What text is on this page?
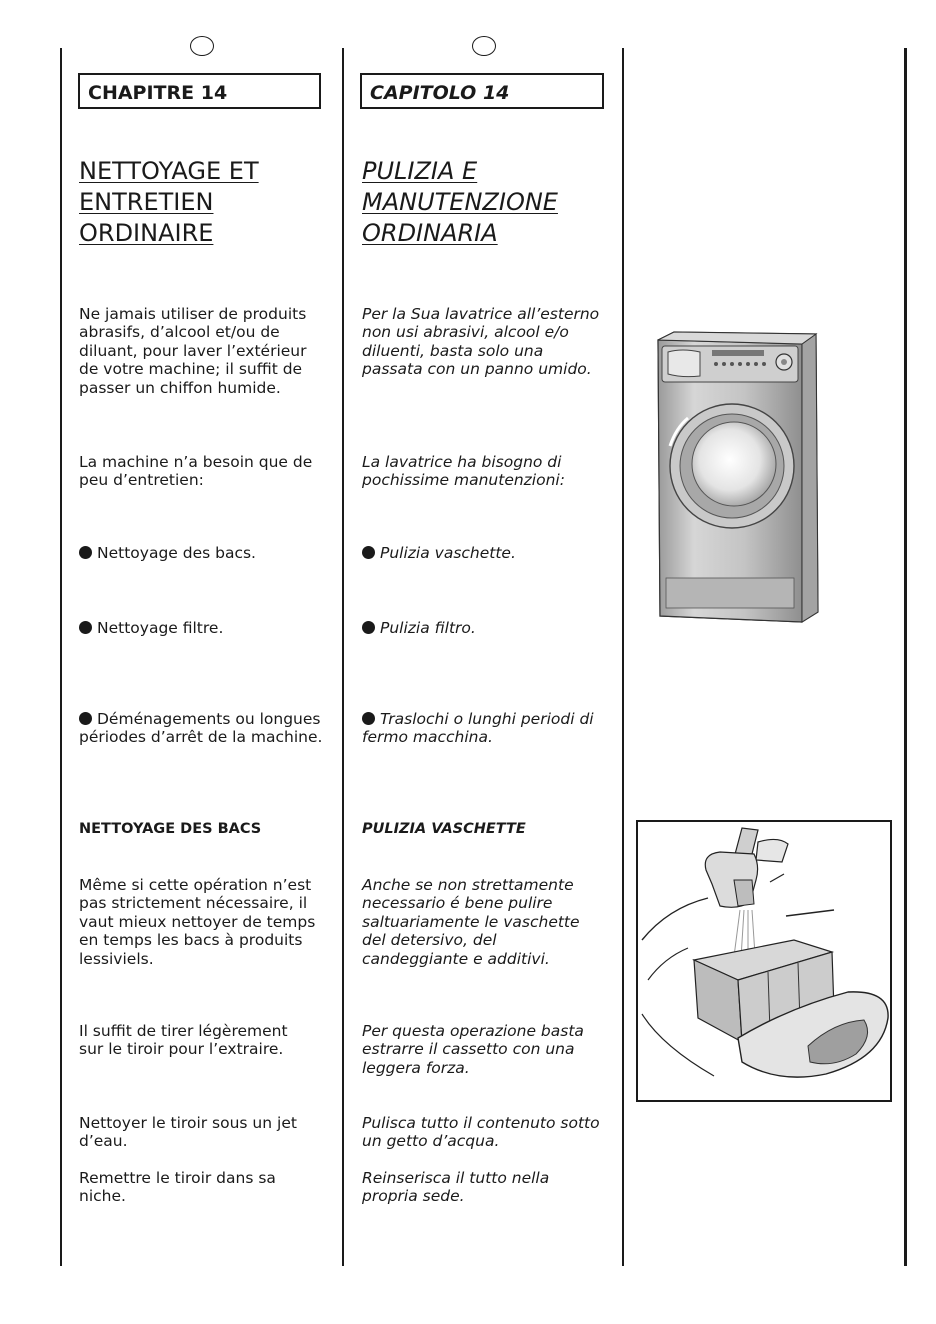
CHAPITRE 14	CAPITOLO 14

NETTOYAGE ET

ENTRETIEN

ORDINAIRE

Ne jamais utiliser de produits abrasifs, d’alcool et/ou de diluant, pour laver l’extérieur de votre machine; il suffit de passer un chiffon humide.

La machine n’a besoin que de peu d’entretien:

Nettoyage des bacs.

Nettoyage filtre.

Déménagements ou longues périodes d’arrêt de la machine.

NETTOYAGE DES BACS

Même si cette opération n’est pas strictement nécessaire, il vaut mieux nettoyer de temps en temps les bacs à produits lessiviels.

Il suffit de tirer légèrement sur le tiroir pour l’extraire.

Nettoyer le tiroir sous un jet d’eau.

Remettre le tiroir dans sa niche.

PULIZIA E

MANUTENZIONE

ORDINARIA

Per la Sua lavatrice all’esterno non usi abrasivi, alcool e/o diluenti, basta solo una passata con un panno umido.

La lavatrice ha bisogno di pochissime manutenzioni:

Pulizia vaschette.

Pulizia filtro.

Traslochi o lunghi periodi di fermo macchina.

PULIZIA VASCHETTE

Anche se non strettamente necessario é bene pulire saltuariamente le vaschette del detersivo, del candeggiante e additivi.

Per questa operazione basta estrarre il cassetto con una leggera forza.

Pulisca tutto il contenuto sotto un getto d’acqua.

Reinserisca il tutto nella propria sede.
